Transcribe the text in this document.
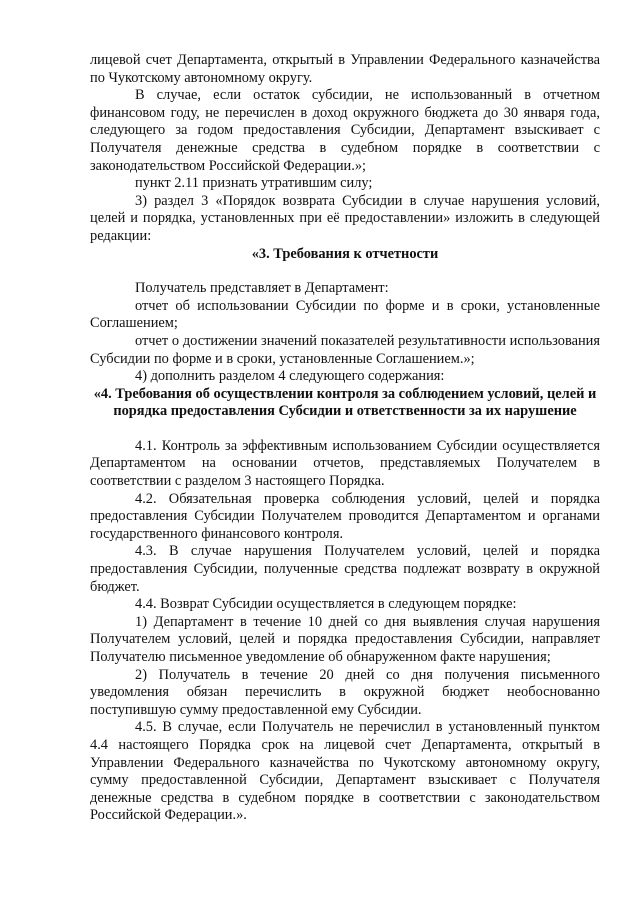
лицевой счет Департамента, открытый в Управлении Федерального казначейства по Чукотскому автономному округу.

В случае, если остаток субсидии, не использованный в отчетном финансовом году, не перечислен в доход окружного бюджета до 30 января года, следующего за годом предоставления Субсидии, Департамент взыскивает с Получателя денежные средства в судебном порядке в соответствии с законодательством Российской Федерации.»;

пункт 2.11 признать утратившим силу;

3) раздел 3 «Порядок возврата Субсидии в случае нарушения условий, целей и порядка, установленных при её предоставлении» изложить в следующей редакции:

«3. Требования к отчетности

Получатель представляет в Департамент:

отчет об использовании Субсидии по форме и в сроки, установленные Соглашением;

отчет о достижении значений показателей результативности использования Субсидии по форме и в сроки, установленные Соглашением.»;

4) дополнить разделом 4 следующего содержания:

«4. Требования об осуществлении контроля за соблюдением условий, целей и порядка предоставления Субсидии и ответственности за их нарушение

4.1. Контроль за эффективным использованием Субсидии осуществляется Департаментом на основании отчетов, представляемых Получателем в соответствии с разделом 3 настоящего Порядка.

4.2. Обязательная проверка соблюдения условий, целей и порядка предоставления Субсидии Получателем проводится Департаментом и органами государственного финансового контроля.

4.3. В случае нарушения Получателем условий, целей и порядка предоставления Субсидии, полученные средства подлежат возврату в окружной бюджет.

4.4. Возврат Субсидии осуществляется в следующем порядке:

1) Департамент в течение 10 дней со дня выявления случая нарушения Получателем условий, целей и порядка предоставления Субсидии, направляет Получателю письменное уведомление об обнаруженном факте нарушения;

2) Получатель в течение 20 дней со дня получения письменного уведомления обязан перечислить в окружной бюджет необоснованно поступившую сумму предоставленной ему Субсидии.

4.5. В случае, если Получатель не перечислил в установленный пунктом 4.4 настоящего Порядка срок на лицевой счет Департамента, открытый в Управлении Федерального казначейства по Чукотскому автономному округу, сумму предоставленной Субсидии, Департамент взыскивает с Получателя денежные средства в судебном порядке в соответствии с законодательством Российской Федерации.».
